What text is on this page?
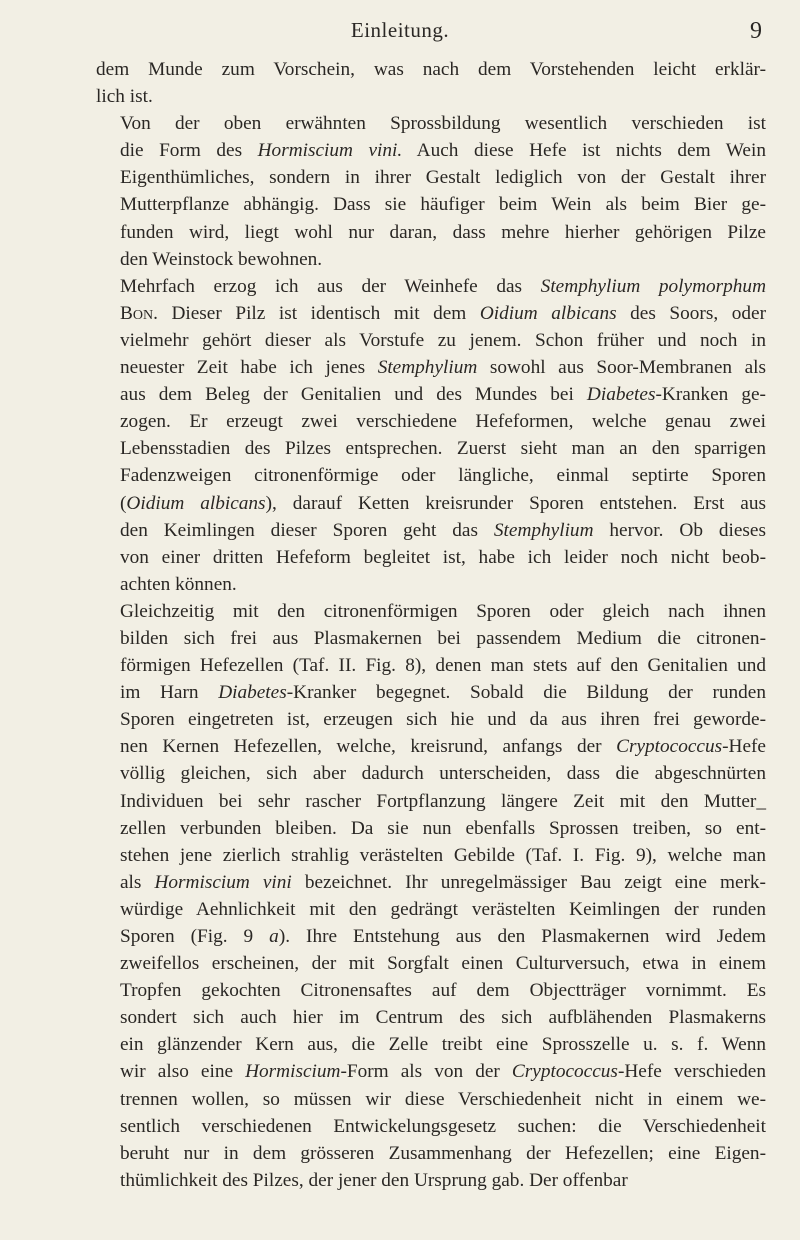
Einleitung.	9

dem Munde zum Vorschein, was nach dem Vorstehenden leicht erklär-
lich ist.

Von der oben erwähnten Sprossbildung wesentlich verschieden ist
die Form des Hormiscium vini. Auch diese Hefe ist nichts dem Wein
Eigenthümliches, sondern in ihrer Gestalt lediglich von der Gestalt ihrer
Mutterpflanze abhängig. Dass sie häufiger beim Wein als beim Bier ge-
funden wird, liegt wohl nur daran, dass mehre hierher gehörigen Pilze
den Weinstock bewohnen.

Mehrfach erzog ich aus der Weinhefe das Stemphylium polymorphum
Bon. Dieser Pilz ist identisch mit dem Oidium albicans des Soors, oder
vielmehr gehört dieser als Vorstufe zu jenem. Schon früher und noch in
neuester Zeit habe ich jenes Stemphylium sowohl aus Soor-Membranen als
aus dem Beleg der Genitalien und des Mundes bei Diabetes-Kranken ge-
zogen. Er erzeugt zwei verschiedene Hefeformen, welche genau zwei
Lebensstadien des Pilzes entsprechen. Zuerst sieht man an den sparrigen
Fadenzweigen citronenförmige oder längliche, einmal septirte Sporen
(Oidium albicans), darauf Ketten kreisrunder Sporen entstehen. Erst aus
den Keimlingen dieser Sporen geht das Stemphylium hervor. Ob dieses
von einer dritten Hefeform begleitet ist, habe ich leider noch nicht beob-
achten können.

Gleichzeitig mit den citronenförmigen Sporen oder gleich nach ihnen
bilden sich frei aus Plasmakernen bei passendem Medium die citronen-
förmigen Hefezellen (Taf. II. Fig. 8), denen man stets auf den Genitalien und
im Harn Diabetes-Kranker begegnet. Sobald die Bildung der runden
Sporen eingetreten ist, erzeugen sich hie und da aus ihren frei geworde-
nen Kernen Hefezellen, welche, kreisrund, anfangs der Cryptococcus-Hefe
völlig gleichen, sich aber dadurch unterscheiden, dass die abgeschnürten
Individuen bei sehr rascher Fortpflanzung längere Zeit mit den Mutter_
zellen verbunden bleiben. Da sie nun ebenfalls Sprossen treiben, so ent-
stehen jene zierlich strahlig verästelten Gebilde (Taf. I. Fig. 9), welche man
als Hormiscium vini bezeichnet. Ihr unregelmässiger Bau zeigt eine merk-
würdige Aehnlichkeit mit den gedrängt verästelten Keimlingen der runden
Sporen (Fig. 9 a). Ihre Entstehung aus den Plasmakernen wird Jedem
zweifellos erscheinen, der mit Sorgfalt einen Culturversuch, etwa in einem
Tropfen gekochten Citronensaftes auf dem Objectträger vornimmt. Es
sondert sich auch hier im Centrum des sich aufblähenden Plasmakerns
ein glänzender Kern aus, die Zelle treibt eine Sprosszelle u. s. f. Wenn
wir also eine Hormiscium-Form als von der Cryptococcus-Hefe verschieden
trennen wollen, so müssen wir diese Verschiedenheit nicht in einem we-
sentlich verschiedenen Entwickelungsgesetz suchen: die Verschiedenheit
beruht nur in dem grösseren Zusammenhang der Hefezellen; eine Eigen-
thümlichkeit des Pilzes, der jener den Ursprung gab. Der offenbar
